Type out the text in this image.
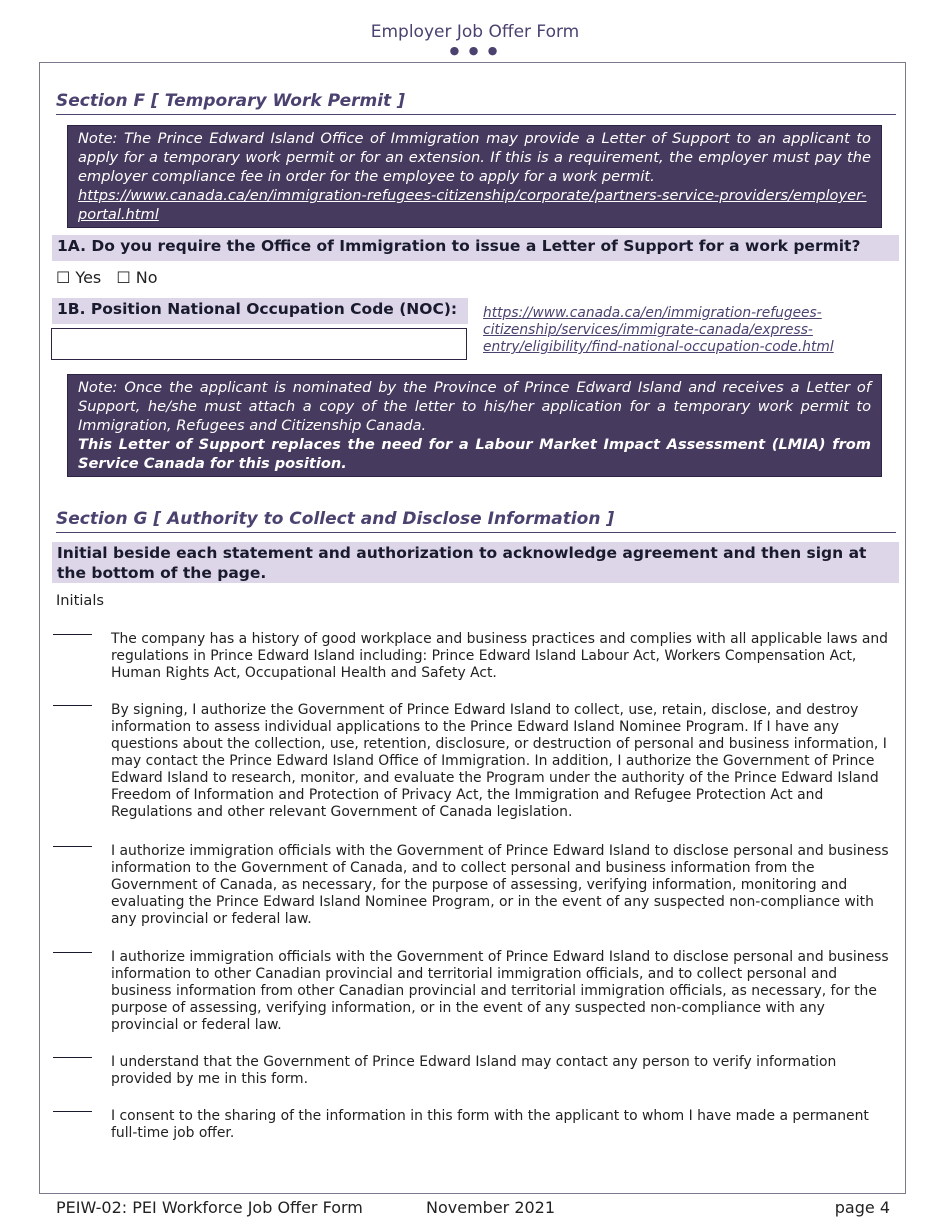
Employer Job Offer Form
● ● ●
Section F [ Temporary Work Permit ]
Note: The Prince Edward Island Office of Immigration may provide a Letter of Support to an applicant to apply for a temporary work permit or for an extension. If this is a requirement, the employer must pay the employer compliance fee in order for the employee to apply for a work permit.
https://www.canada.ca/en/immigration-refugees-citizenship/corporate/partners-service-providers/employer-portal.html
1A. Do you require the Office of Immigration to issue a Letter of Support for a work permit?
☐ Yes ☐ No
1B. Position National Occupation Code (NOC):	https://www.canada.ca/en/immigration-refugees-citizenship/services/immigrate-canada/express-entry/eligibility/find-national-occupation-code.html
Note: Once the applicant is nominated by the Province of Prince Edward Island and receives a Letter of Support, he/she must attach a copy of the letter to his/her application for a temporary work permit to Immigration, Refugees and Citizenship Canada.
This Letter of Support replaces the need for a Labour Market Impact Assessment (LMIA) from Service Canada for this position.
Section G [ Authority to Collect and Disclose Information ]
Initial beside each statement and authorization to acknowledge agreement and then sign at the bottom of the page.
Initials
The company has a history of good workplace and business practices and complies with all applicable laws and regulations in Prince Edward Island including: Prince Edward Island Labour Act, Workers Compensation Act, Human Rights Act, Occupational Health and Safety Act.
By signing, I authorize the Government of Prince Edward Island to collect, use, retain, disclose, and destroy information to assess individual applications to the Prince Edward Island Nominee Program. If I have any questions about the collection, use, retention, disclosure, or destruction of personal and business information, I may contact the Prince Edward Island Office of Immigration. In addition, I authorize the Government of Prince Edward Island to research, monitor, and evaluate the Program under the authority of the Prince Edward Island Freedom of Information and Protection of Privacy Act, the Immigration and Refugee Protection Act and Regulations and other relevant Government of Canada legislation.
I authorize immigration officials with the Government of Prince Edward Island to disclose personal and business information to the Government of Canada, and to collect personal and business information from the Government of Canada, as necessary, for the purpose of assessing, verifying information, monitoring and evaluating the Prince Edward Island Nominee Program, or in the event of any suspected non-compliance with any provincial or federal law.
I authorize immigration officials with the Government of Prince Edward Island to disclose personal and business information to other Canadian provincial and territorial immigration officials, and to collect personal and business information from other Canadian provincial and territorial immigration officials, as necessary, for the purpose of assessing, verifying information, or in the event of any suspected non-compliance with any provincial or federal law.
I understand that the Government of Prince Edward Island may contact any person to verify information provided by me in this form.
I consent to the sharing of the information in this form with the applicant to whom I have made a permanent full-time job offer.
PEIW-02: PEI Workforce Job Offer Form	November 2021	page 4
